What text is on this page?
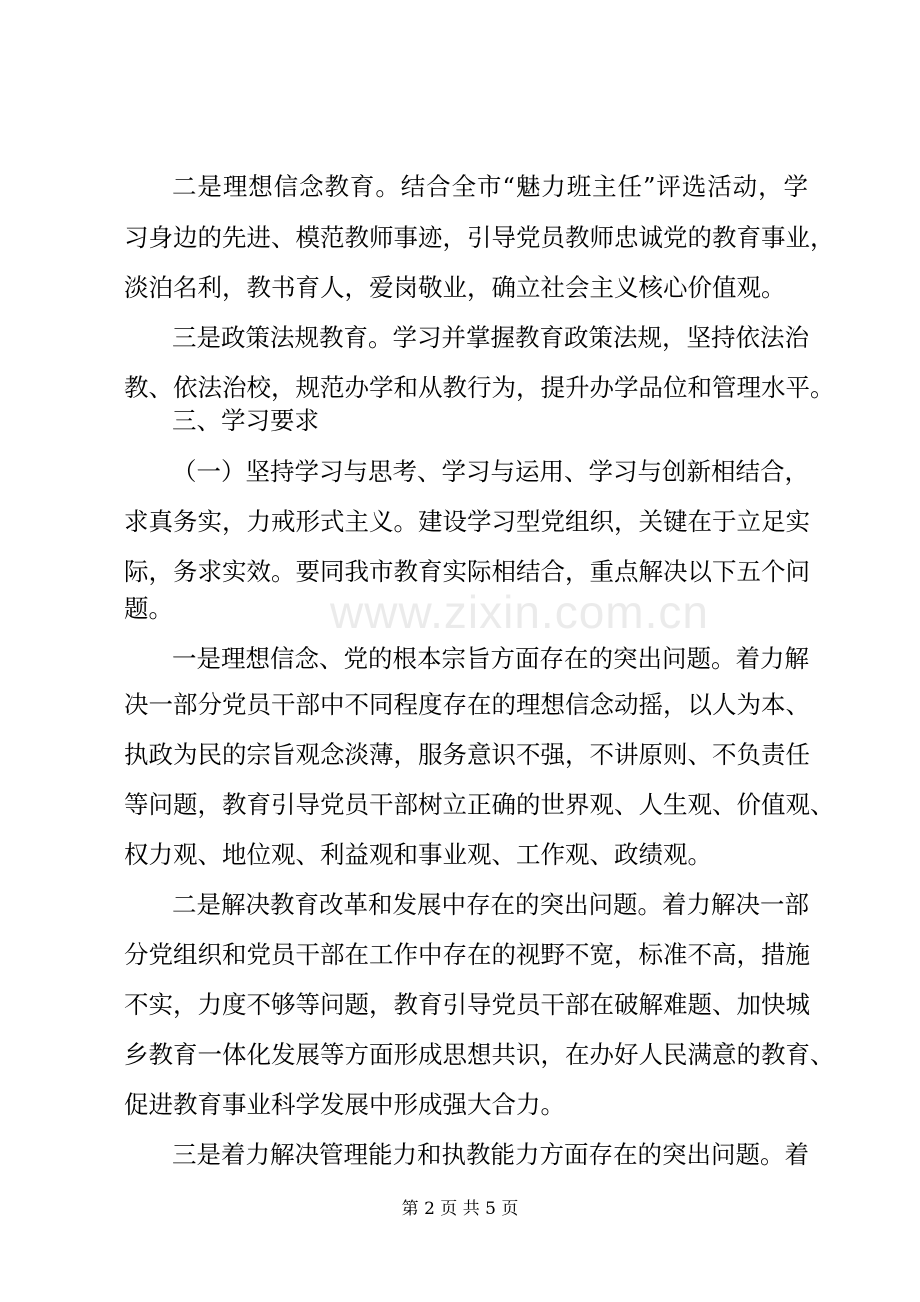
二是理想信念教育。结合全市“魅力班主任”评选活动，学
习身边的先进、模范教师事迹，引导党员教师忠诚党的教育事业，
淡泊名利，教书育人，爱岗敬业，确立社会主义核心价值观。
三是政策法规教育。学习并掌握教育政策法规，坚持依法治
教、依法治校，规范办学和从教行为，提升办学品位和管理水平。
三、学习要求
（一）坚持学习与思考、学习与运用、学习与创新相结合，
求真务实，力戒形式主义。建设学习型党组织，关键在于立足实
际，务求实效。要同我市教育实际相结合，重点解决以下五个问
题。
一是理想信念、党的根本宗旨方面存在的突出问题。着力解
决一部分党员干部中不同程度存在的理想信念动摇，以人为本、
执政为民的宗旨观念淡薄，服务意识不强，不讲原则、不负责任
等问题，教育引导党员干部树立正确的世界观、人生观、价值观、
权力观、地位观、利益观和事业观、工作观、政绩观。
二是解决教育改革和发展中存在的突出问题。着力解决一部
分党组织和党员干部在工作中存在的视野不宽，标准不高，措施
不实，力度不够等问题，教育引导党员干部在破解难题、加快城
乡教育一体化发展等方面形成思想共识，在办好人民满意的教育、
促进教育事业科学发展中形成强大合力。
三是着力解决管理能力和执教能力方面存在的突出问题。着
www.zixin.com.cn
第 2 页 共 5 页
